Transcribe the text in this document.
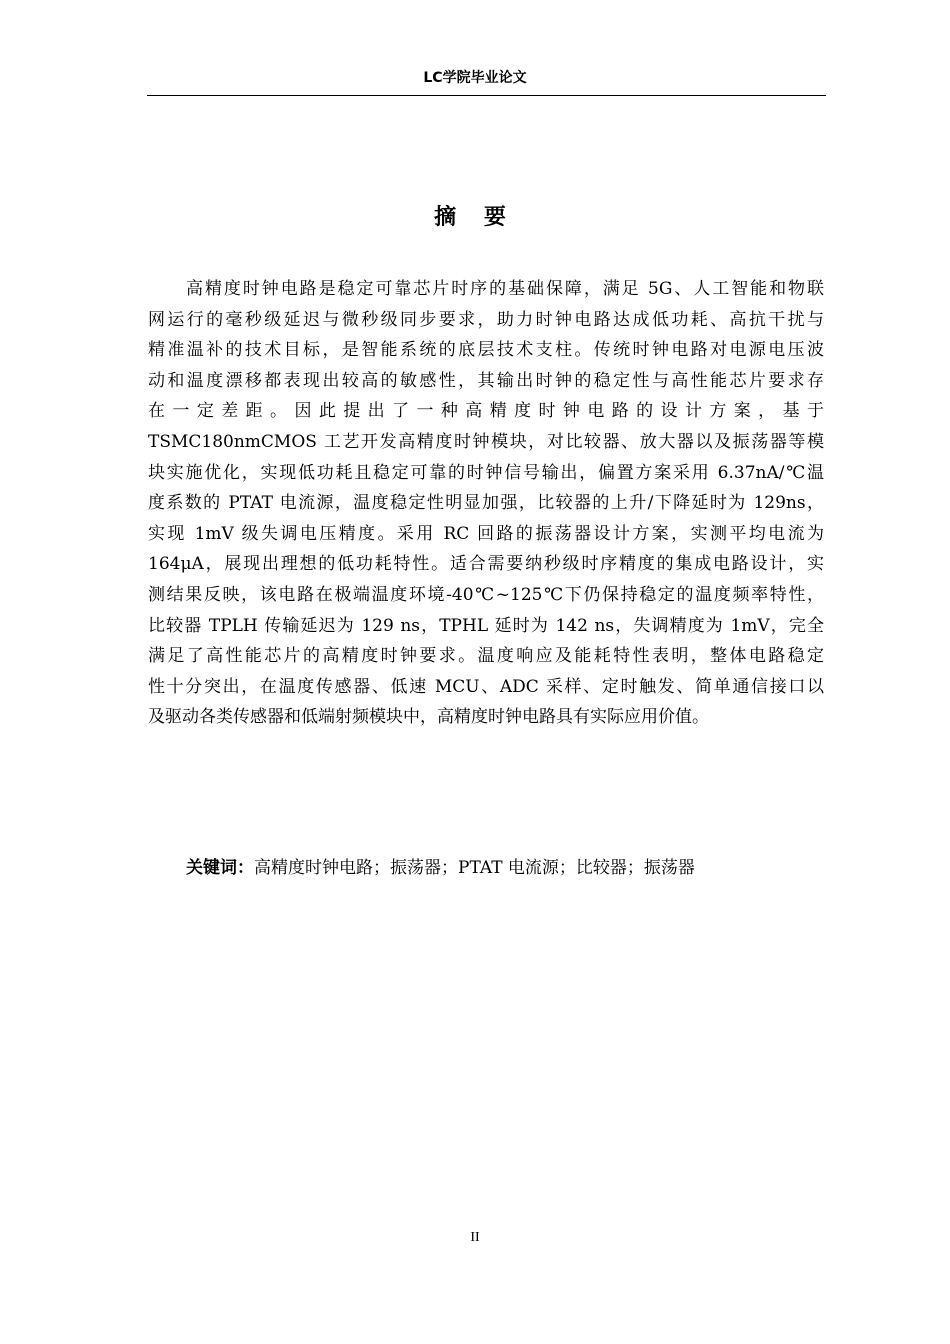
LC学院毕业论文
摘 要
高精度时钟电路是稳定可靠芯片时序的基础保障，满足 5G、人工智能和物联
网运行的毫秒级延迟与微秒级同步要求，助力时钟电路达成低功耗、高抗干扰与
精准温补的技术目标，是智能系统的底层技术支柱。传统时钟电路对电源电压波
动和温度漂移都表现出较高的敏感性，其输出时钟的稳定性与高性能芯片要求存
在一定差距。因此提出了一种高精度时钟电路的设计方案，基于
TSMC180nmCMOS 工艺开发高精度时钟模块，对比较器、放大器以及振荡器等模
块实施优化，实现低功耗且稳定可靠的时钟信号输出，偏置方案采用 6.37nA/℃温
度系数的 PTAT 电流源，温度稳定性明显加强，比较器的上升/下降延时为 129ns，
实现 1mV 级失调电压精度。采用 RC 回路的振荡器设计方案，实测平均电流为
164μA，展现出理想的低功耗特性。适合需要纳秒级时序精度的集成电路设计，实
测结果反映，该电路在极端温度环境-40℃~125℃下仍保持稳定的温度频率特性，
比较器 TPLH 传输延迟为 129 ns，TPHL 延时为 142 ns，失调精度为 1mV，完全
满足了高性能芯片的高精度时钟要求。温度响应及能耗特性表明，整体电路稳定
性十分突出，在温度传感器、低速 MCU、ADC 采样、定时触发、简单通信接口以
及驱动各类传感器和低端射频模块中，高精度时钟电路具有实际应用价值。
关键词：高精度时钟电路；振荡器；PTAT 电流源；比较器；振荡器
II
